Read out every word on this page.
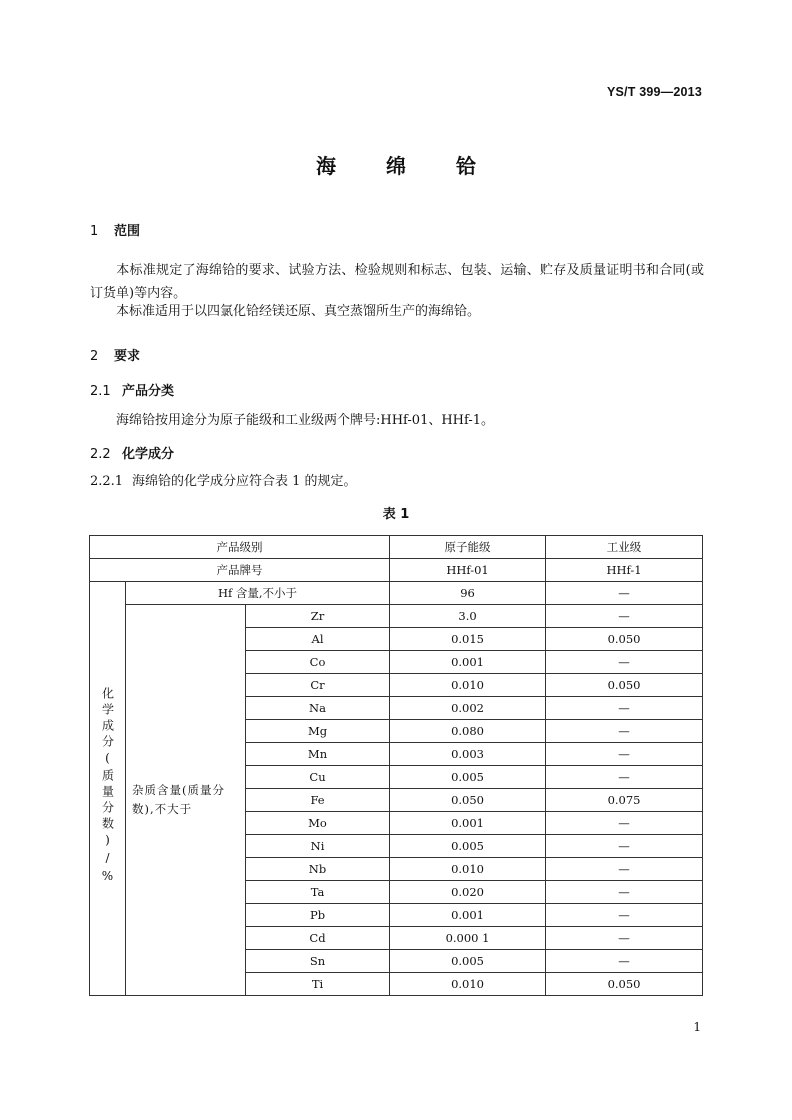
YS/T 399—2013
海	绵	铪
1 范围
本标准规定了海绵铪的要求、试验方法、检验规则和标志、包装、运输、贮存及质量证明书和合同(或订货单)等内容。
本标准适用于以四氯化铪经镁还原、真空蒸馏所生产的海绵铪。
2 要求
2.1 产品分类
海绵铪按用途分为原子能级和工业级两个牌号:HHf-01、HHf-1。
2.2 化学成分
2.2.1 海绵铪的化学成分应符合表 1 的规定。
表 1
产品级别			原子能级	工业级
产品牌号			HHf-01	HHf-1
化学成分(质量分数)/%	Hf 含量,不小于		96	—
	杂质含量(质量分数),不大于	Zr	3.0	—
		Al	0.015	0.050
		Co	0.001	—
		Cr	0.010	0.050
		Na	0.002	—
		Mg	0.080	—
		Mn	0.003	—
		Cu	0.005	—
		Fe	0.050	0.075
		Mo	0.001	—
		Ni	0.005	—
		Nb	0.010	—
		Ta	0.020	—
		Pb	0.001	—
		Cd	0.000 1	—
		Sn	0.005	—
		Ti	0.010	0.050
1
